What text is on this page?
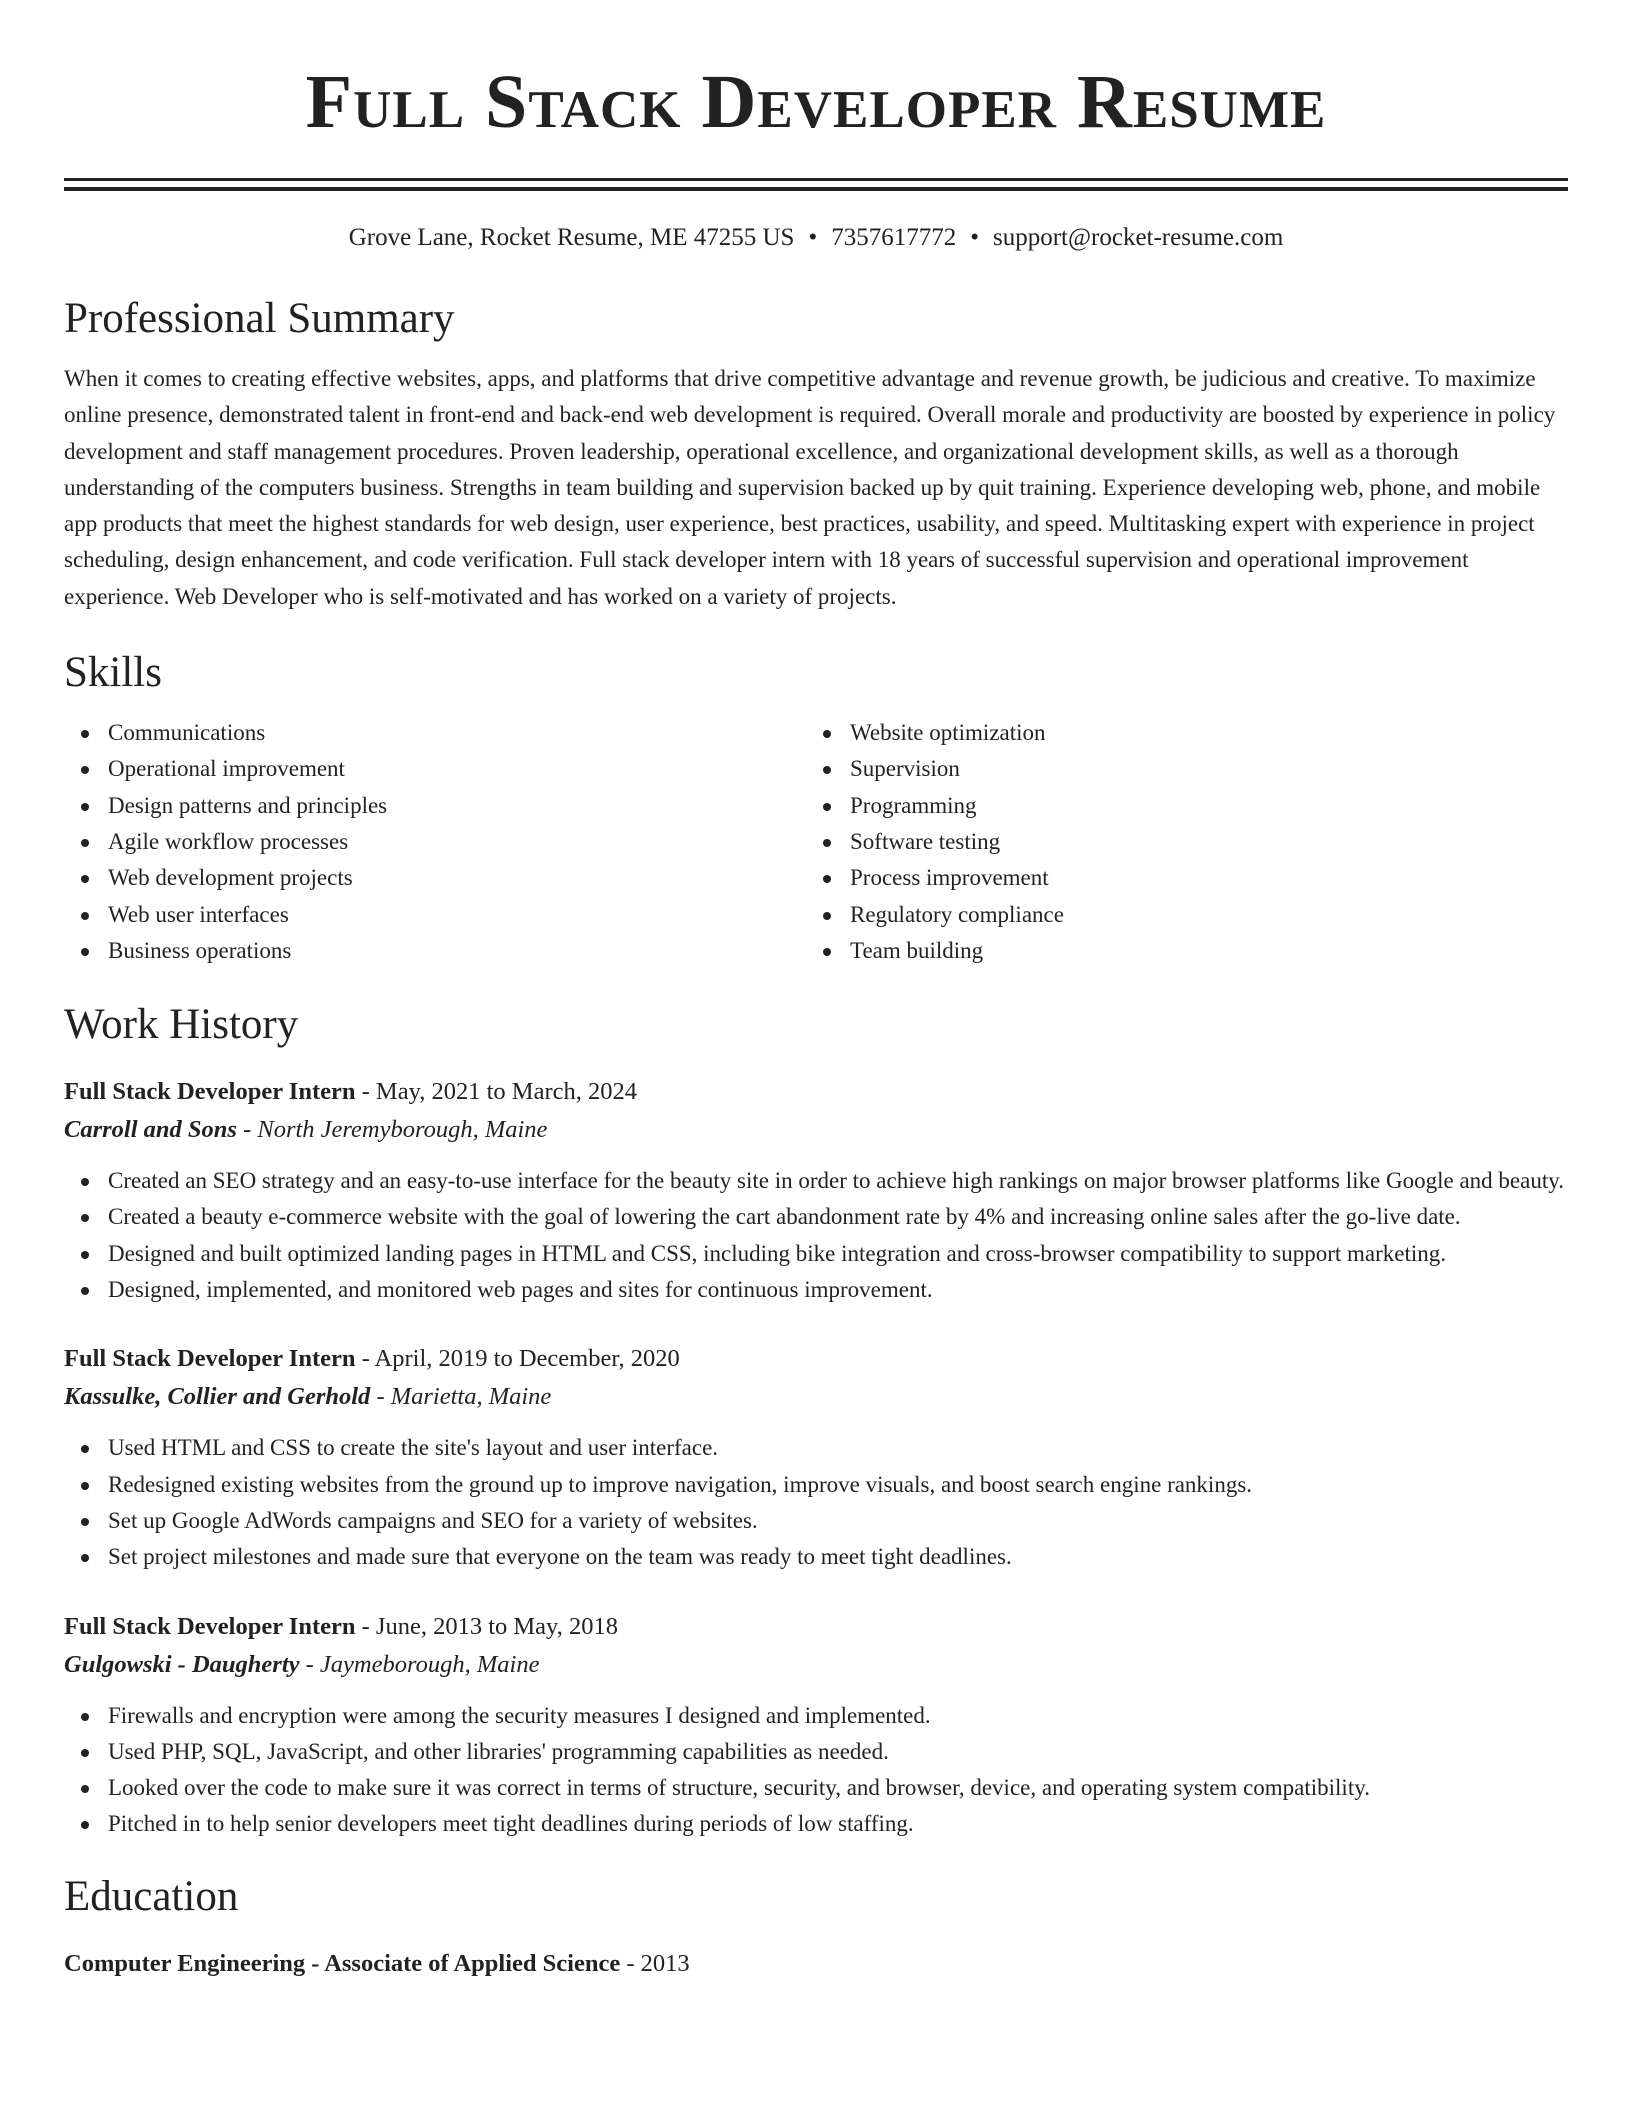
Full Stack Developer Resume
Grove Lane, Rocket Resume, ME 47255 US • 7357617772 • support@rocket-resume.com
Professional Summary

When it comes to creating effective websites, apps, and platforms that drive competitive advantage and revenue growth, be judicious and creative. To maximize online presence, demonstrated talent in front-end and back-end web development is required. Overall morale and productivity are boosted by experience in policy development and staff management procedures. Proven leadership, operational excellence, and organizational development skills, as well as a thorough understanding of the computers business. Strengths in team building and supervision backed up by quit training. Experience developing web, phone, and mobile app products that meet the highest standards for web design, user experience, best practices, usability, and speed. Multitasking expert with experience in project scheduling, design enhancement, and code verification. Full stack developer intern with 18 years of successful supervision and operational improvement experience. Web Developer who is self-motivated and has worked on a variety of projects.

Skills
Communications
Operational improvement
Design patterns and principles
Agile workflow processes
Web development projects
Web user interfaces
Business operations
Website optimization
Supervision
Programming
Software testing
Process improvement
Regulatory compliance
Team building
Work History
Full Stack Developer Intern - May, 2021 to March, 2024
Carroll and Sons - North Jeremyborough, Maine
Created an SEO strategy and an easy-to-use interface for the beauty site in order to achieve high rankings on major browser platforms like Google and beauty.
Created a beauty e-commerce website with the goal of lowering the cart abandonment rate by 4% and increasing online sales after the go-live date.
Designed and built optimized landing pages in HTML and CSS, including bike integration and cross-browser compatibility to support marketing.
Designed, implemented, and monitored web pages and sites for continuous improvement.
Full Stack Developer Intern - April, 2019 to December, 2020
Kassulke, Collier and Gerhold - Marietta, Maine
Used HTML and CSS to create the site's layout and user interface.
Redesigned existing websites from the ground up to improve navigation, improve visuals, and boost search engine rankings.
Set up Google AdWords campaigns and SEO for a variety of websites.
Set project milestones and made sure that everyone on the team was ready to meet tight deadlines.
Full Stack Developer Intern - June, 2013 to May, 2018
Gulgowski - Daugherty - Jaymeborough, Maine
Firewalls and encryption were among the security measures I designed and implemented.
Used PHP, SQL, JavaScript, and other libraries' programming capabilities as needed.
Looked over the code to make sure it was correct in terms of structure, security, and browser, device, and operating system compatibility.
Pitched in to help senior developers meet tight deadlines during periods of low staffing.
Education
Computer Engineering - Associate of Applied Science - 2013
